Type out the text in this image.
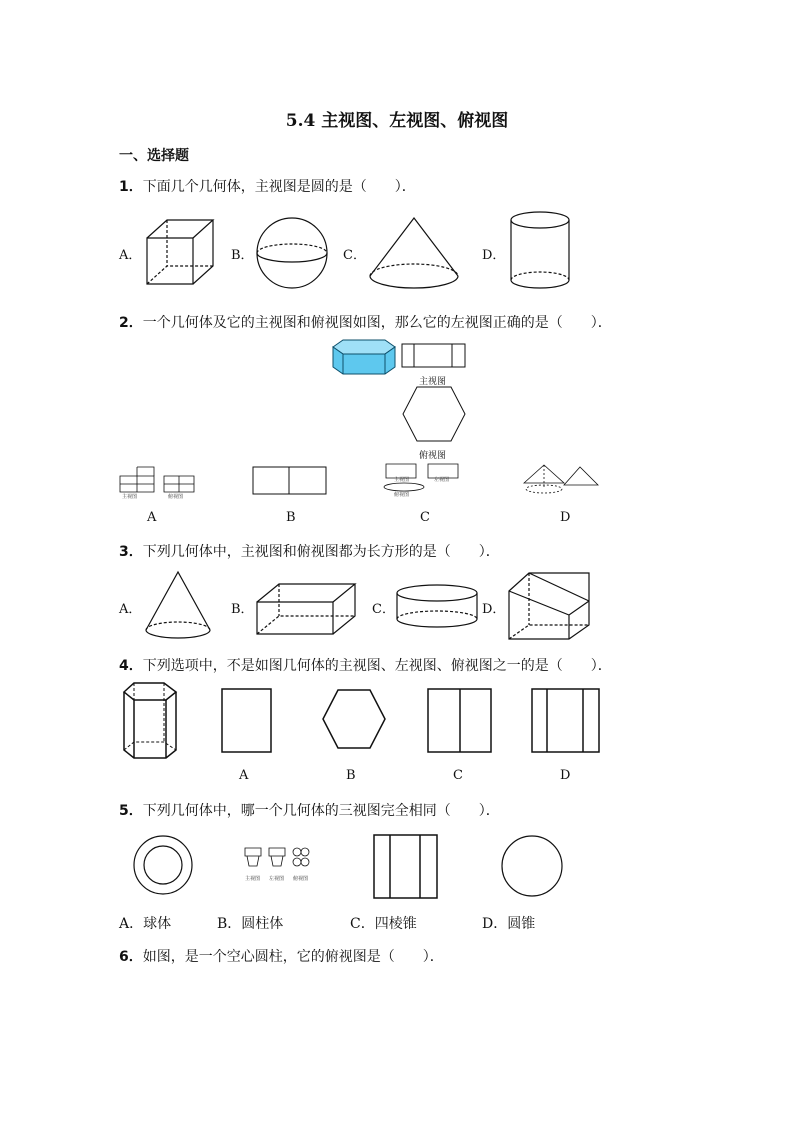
5.4 主视图、左视图、俯视图
一、选择题
1．下面几个几何体，主视图是圆的是（　　）．
A．	B．	C．	D．
2．一个几何体及它的主视图和俯视图如图，那么它的左视图正确的是（　　）．
主视图
俯视图
主视图	俯视图
主视图	左视图
俯视图
A	B	C	D
3．下列几何体中，主视图和俯视图都为长方形的是（　　）．
A．	B．	C．	D．
4．下列选项中，不是如图几何体的主视图、左视图、俯视图之一的是（　　）．
A	B	C	D
5．下列几何体中，哪一个几何体的三视图完全相同（　　）．
主视图 左视图 俯视图
A．球体	B．圆柱体	C．四棱锥	D．圆锥
6．如图，是一个空心圆柱，它的俯视图是（　　）．
